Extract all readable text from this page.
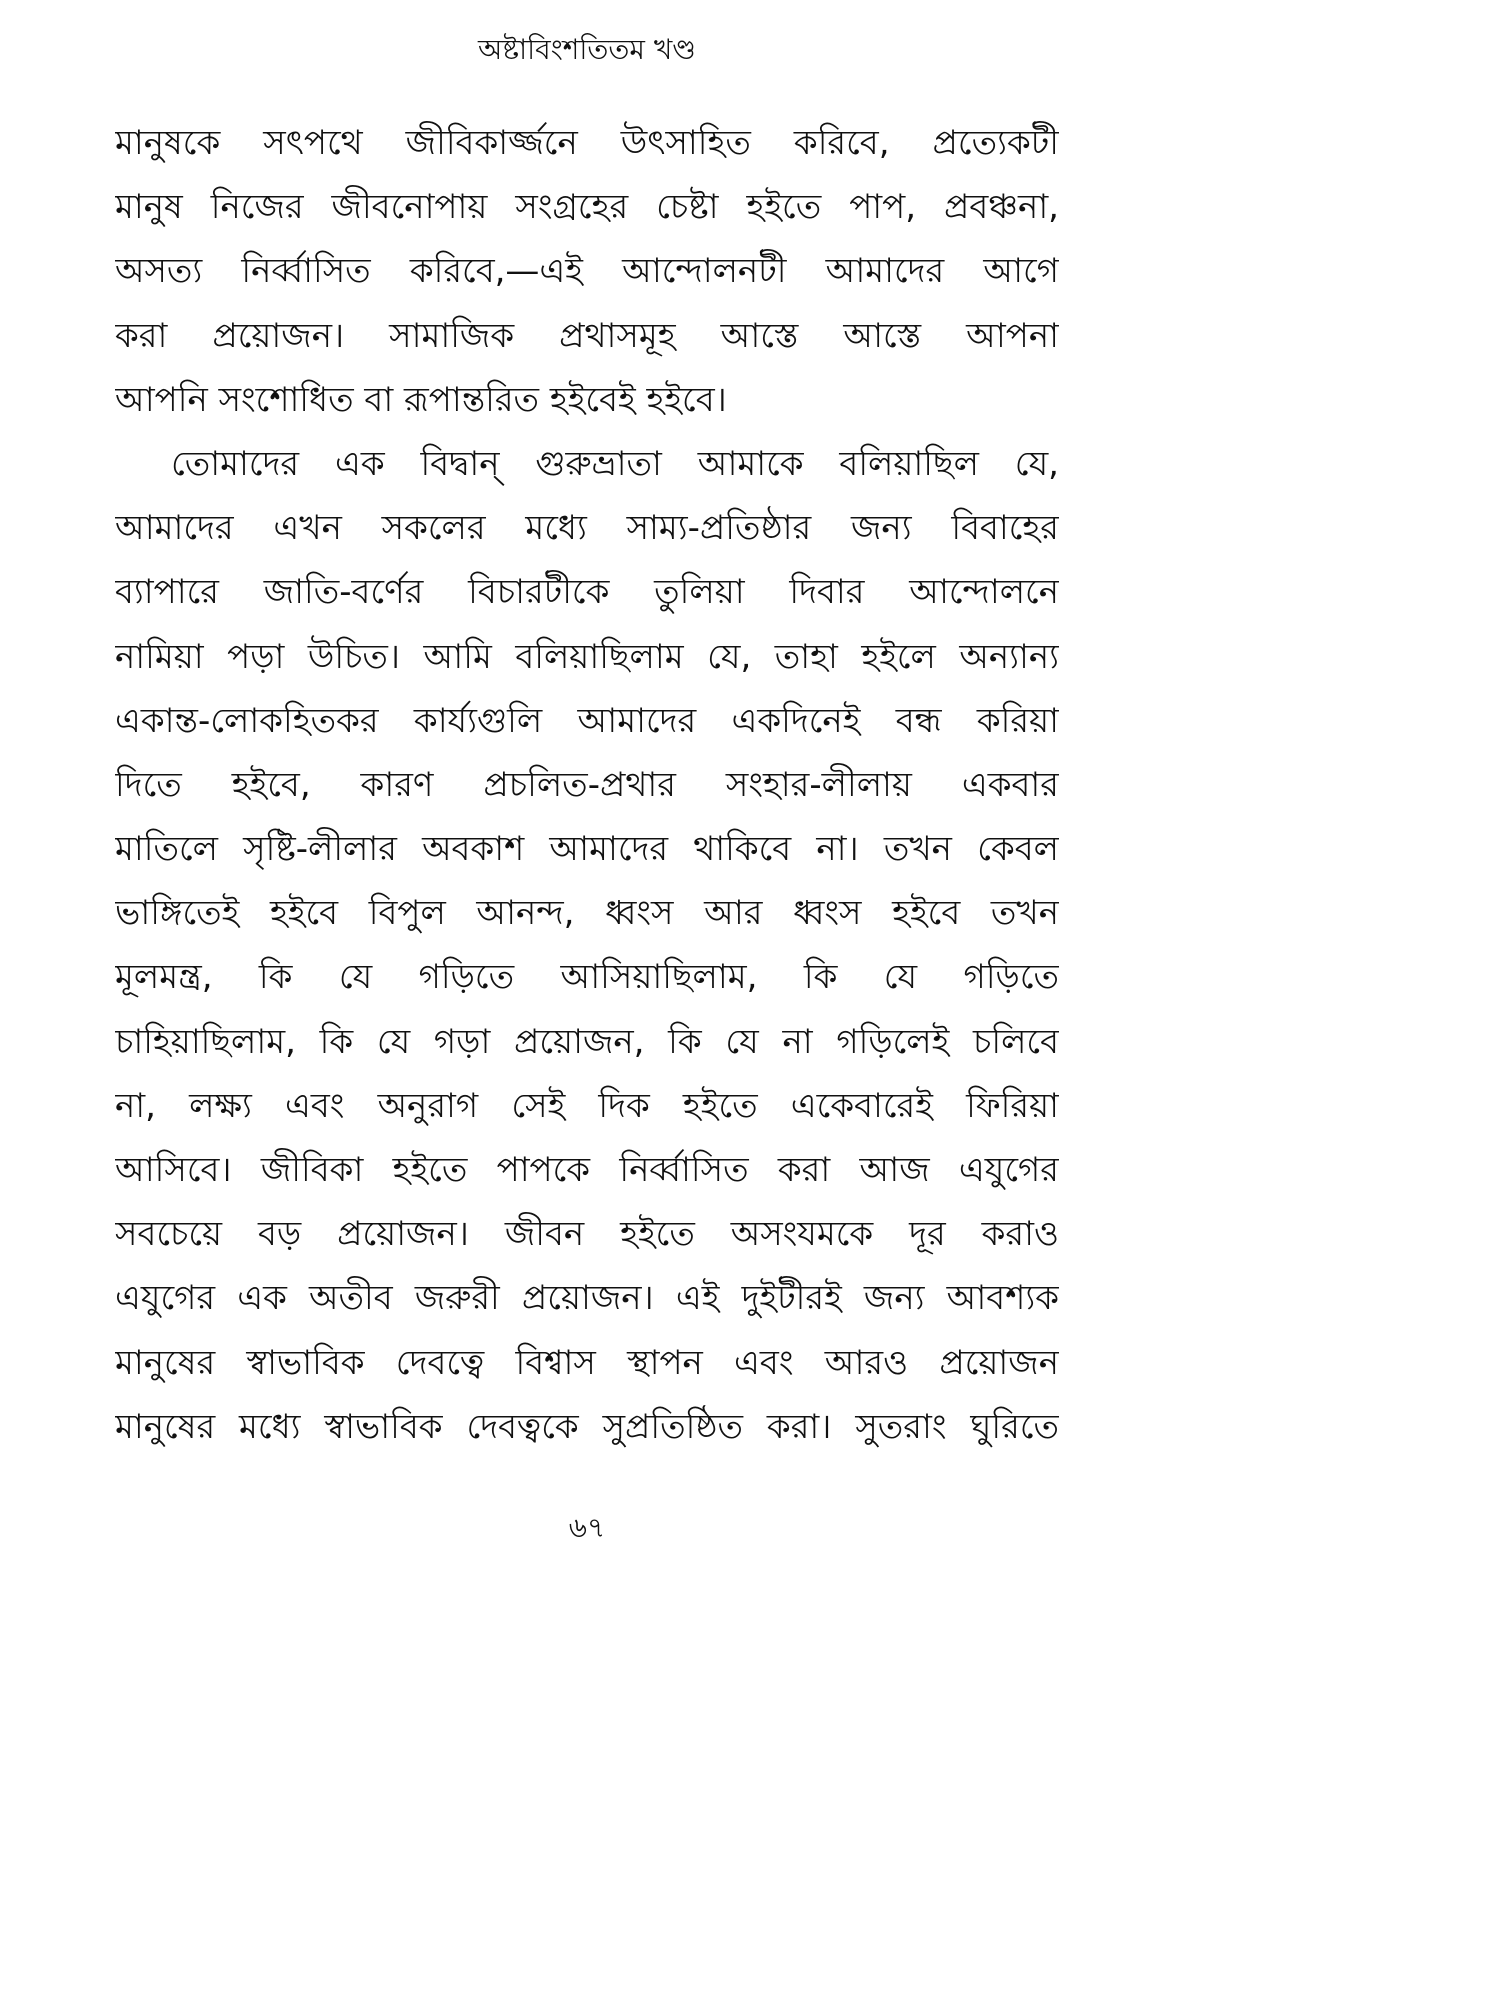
অষ্টাবিংশতিতম খণ্ড

মানুষকে সৎপথে জীবিকার্জ্জনে উৎসাহিত করিবে, প্রত্যেকটী
মানুষ নিজের জীবনোপায় সংগ্রহের চেষ্টা হইতে পাপ, প্রবঞ্চনা,
অসত্য নির্ব্বাসিত করিবে,—এই আন্দোলনটী আমাদের আগে
করা প্রয়োজন। সামাজিক প্রথাসমূহ আস্তে আস্তে আপনা
আপনি সংশোধিত বা রূপান্তরিত হইবেই হইবে।

তোমাদের এক বিদ্বান্ গুরুভ্রাতা আমাকে বলিয়াছিল যে,
আমাদের এখন সকলের মধ্যে সাম্য-প্রতিষ্ঠার জন্য বিবাহের
ব্যাপারে জাতি-বর্ণের বিচারটীকে তুলিয়া দিবার আন্দোলনে
নামিয়া পড়া উচিত। আমি বলিয়াছিলাম যে, তাহা হইলে অন্যান্য
একান্ত-লোকহিতকর কার্য্যগুলি আমাদের একদিনেই বন্ধ করিয়া
দিতে হইবে, কারণ প্রচলিত-প্রথার সংহার-লীলায় একবার
মাতিলে সৃষ্টি-লীলার অবকাশ আমাদের থাকিবে না। তখন কেবল
ভাঙ্গিতেই হইবে বিপুল আনন্দ, ধ্বংস আর ধ্বংস হইবে তখন
মূলমন্ত্র, কি যে গড়িতে আসিয়াছিলাম, কি যে গড়িতে
চাহিয়াছিলাম, কি যে গড়া প্রয়োজন, কি যে না গড়িলেই চলিবে
না, লক্ষ্য এবং অনুরাগ সেই দিক হইতে একেবারেই ফিরিয়া
আসিবে। জীবিকা হইতে পাপকে নির্ব্বাসিত করা আজ এযুগের
সবচেয়ে বড় প্রয়োজন। জীবন হইতে অসংযমকে দূর করাও
এযুগের এক অতীব জরুরী প্রয়োজন। এই দুইটীরই জন্য আবশ্যক
মানুষের স্বাভাবিক দেবত্বে বিশ্বাস স্থাপন এবং আরও প্রয়োজন
মানুষের মধ্যে স্বাভাবিক দেবত্বকে সুপ্রতিষ্ঠিত করা। সুতরাং ঘুরিতে

৬৭
